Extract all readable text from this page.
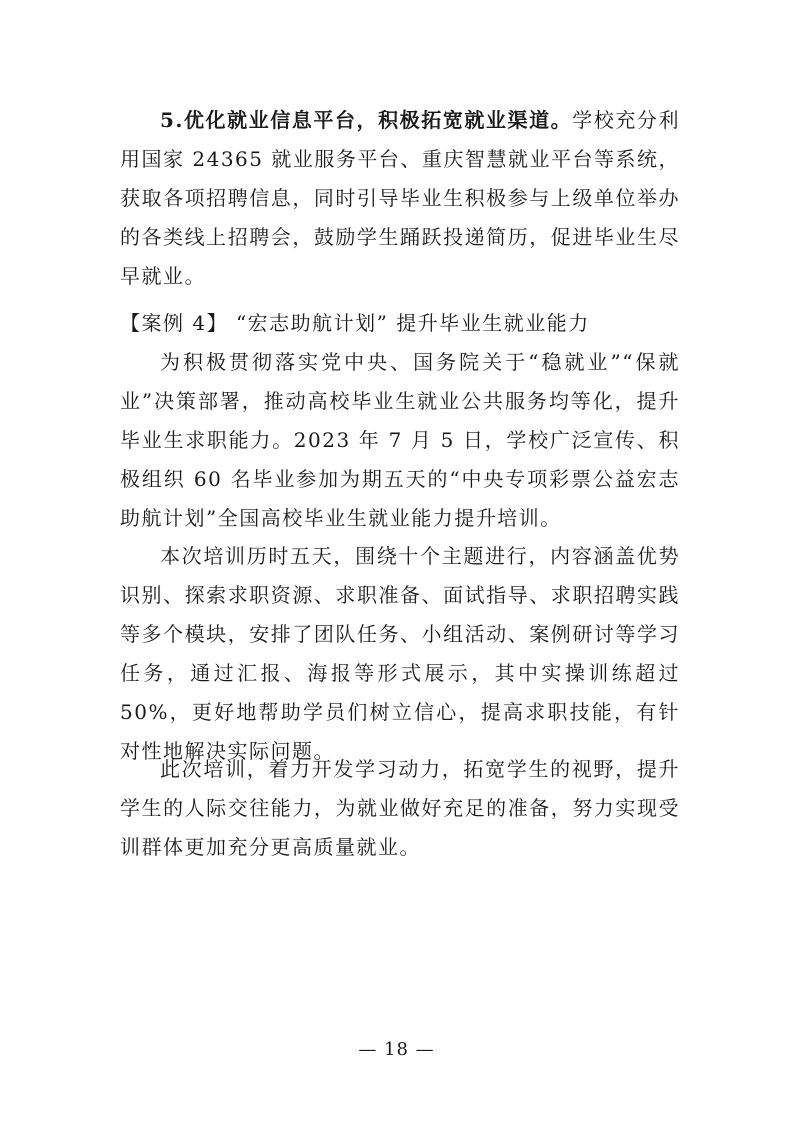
5.优化就业信息平台，积极拓宽就业渠道。学校充分利用国家 24365 就业服务平台、重庆智慧就业平台等系统，获取各项招聘信息，同时引导毕业生积极参与上级单位举办的各类线上招聘会，鼓励学生踊跃投递简历，促进毕业生尽早就业。

【案例 4】 “宏志助航计划” 提升毕业生就业能力

为积极贯彻落实党中央、国务院关于“稳就业”“保就业”决策部署，推动高校毕业生就业公共服务均等化，提升毕业生求职能力。2023 年 7 月 5 日，学校广泛宣传、积极组织 60 名毕业参加为期五天的“中央专项彩票公益宏志助航计划”全国高校毕业生就业能力提升培训。

本次培训历时五天，围绕十个主题进行，内容涵盖优势识别、探索求职资源、求职准备、面试指导、求职招聘实践等多个模块，安排了团队任务、小组活动、案例研讨等学习任务，通过汇报、海报等形式展示，其中实操训练超过 50%，更好地帮助学员们树立信心，提高求职技能，有针对性地解决实际问题。

此次培训，着力开发学习动力，拓宽学生的视野，提升学生的人际交往能力，为就业做好充足的准备，努力实现受训群体更加充分更高质量就业。

— 18 —
